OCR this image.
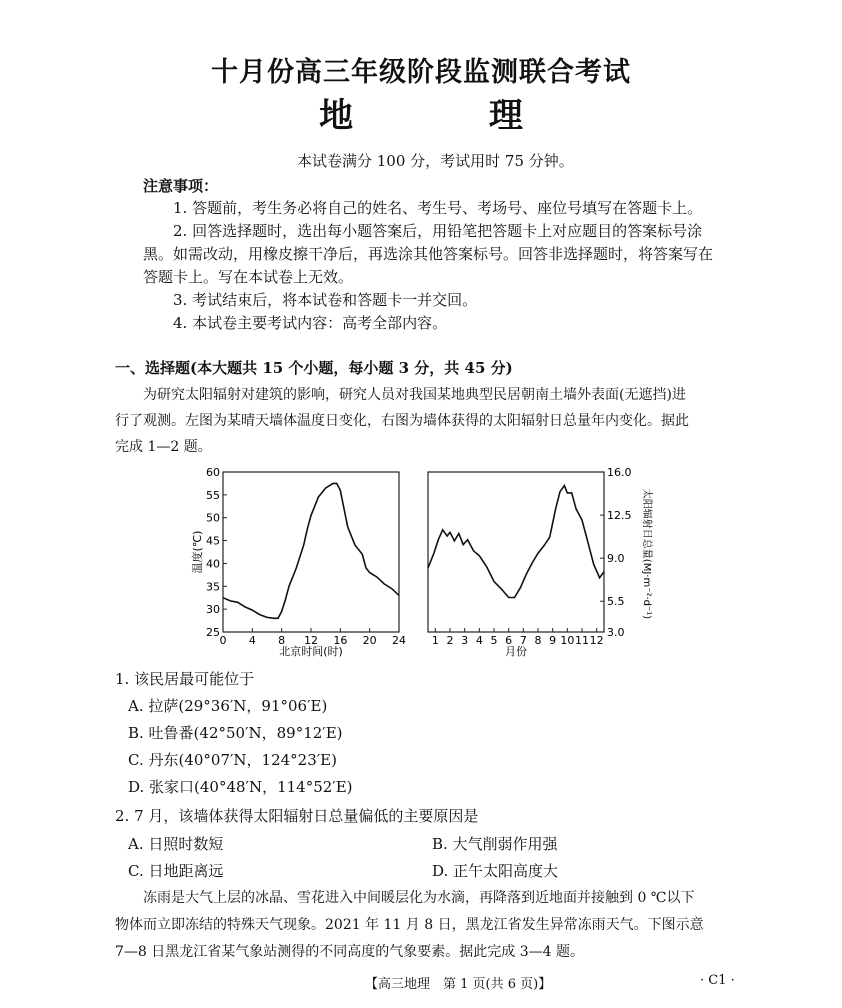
十月份高三年级阶段监测联合考试
地 理
本试卷满分 100 分，考试用时 75 分钟。
注意事项：
1. 答题前，考生务必将自己的姓名、考生号、考场号、座位号填写在答题卡上。
2. 回答选择题时，选出每小题答案后，用铅笔把答题卡上对应题目的答案标号涂
黑。如需改动，用橡皮擦干净后，再选涂其他答案标号。回答非选择题时，将答案写在
答题卡上。写在本试卷上无效。
3. 考试结束后，将本试卷和答题卡一并交回。
4. 本试卷主要考试内容：高考全部内容。
一、选择题(本大题共 15 个小题，每小题 3 分，共 45 分)
为研究太阳辐射对建筑的影响，研究人员对我国某地典型民居朝南土墙外表面(无遮挡)进
行了观测。左图为某晴天墙体温度日变化，右图为墙体获得的太阳辐射日总量年内变化。据此
完成 1—2 题。
0 4 8 12 16 20 24
25
30
35
40
45
50
55
60
温度(℃)
北京时间(时)
1 2 3 4 5 6 7 8 9 10 11 12
3.0
5.5
9.0
12.5
16.0
太阳辐射日总量(MJ·m⁻²·d⁻¹)
月份
1. 该民居最可能位于
A. 拉萨(29°36′N，91°06′E)
B. 吐鲁番(42°50′N，89°12′E)
C. 丹东(40°07′N，124°23′E)
D. 张家口(40°48′N，114°52′E)
2. 7 月，该墙体获得太阳辐射日总量偏低的主要原因是
A. 日照时数短	B. 大气削弱作用强
C. 日地距离远	D. 正午太阳高度大
冻雨是大气上层的冰晶、雪花进入中间暖层化为水滴，再降落到近地面并接触到 0 ℃以下
物体而立即冻结的特殊天气现象。2021 年 11 月 8 日，黑龙江省发生异常冻雨天气。下图示意
7—8 日黑龙江省某气象站测得的不同高度的气象要素。据此完成 3—4 题。
【高三地理　第 1 页(共 6 页)】	· C1 ·
